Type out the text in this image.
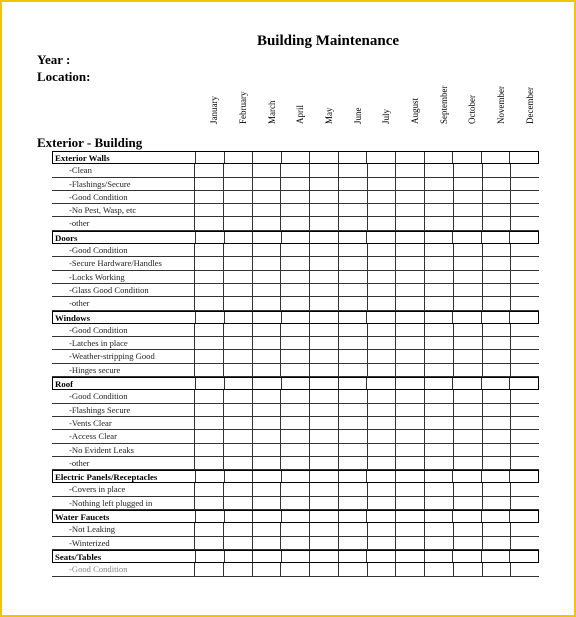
Building Maintenance
Year :
Location:
Exterior - Building
January February March April May June July August September October November December
Exterior Walls
-Clean
-Flashings/Secure
-Good Condition
-No Pest, Wasp, etc
-other
Doors
-Good Condition
-Secure Hardware/Handles
-Locks Working
-Glass Good Condition
-other
Windows
-Good Condition
-Latches in place
-Weather-stripping Good
-Hinges secure
Roof
-Good Condition
-Flashings Secure
-Vents Clear
-Access Clear
-No Evident Leaks
-other
Electric Panels/Receptacles
-Covers in place
-Nothing left plugged in
Water Faucets
-Not Leaking
-Winterized
Seats/Tables
-Good Condition
